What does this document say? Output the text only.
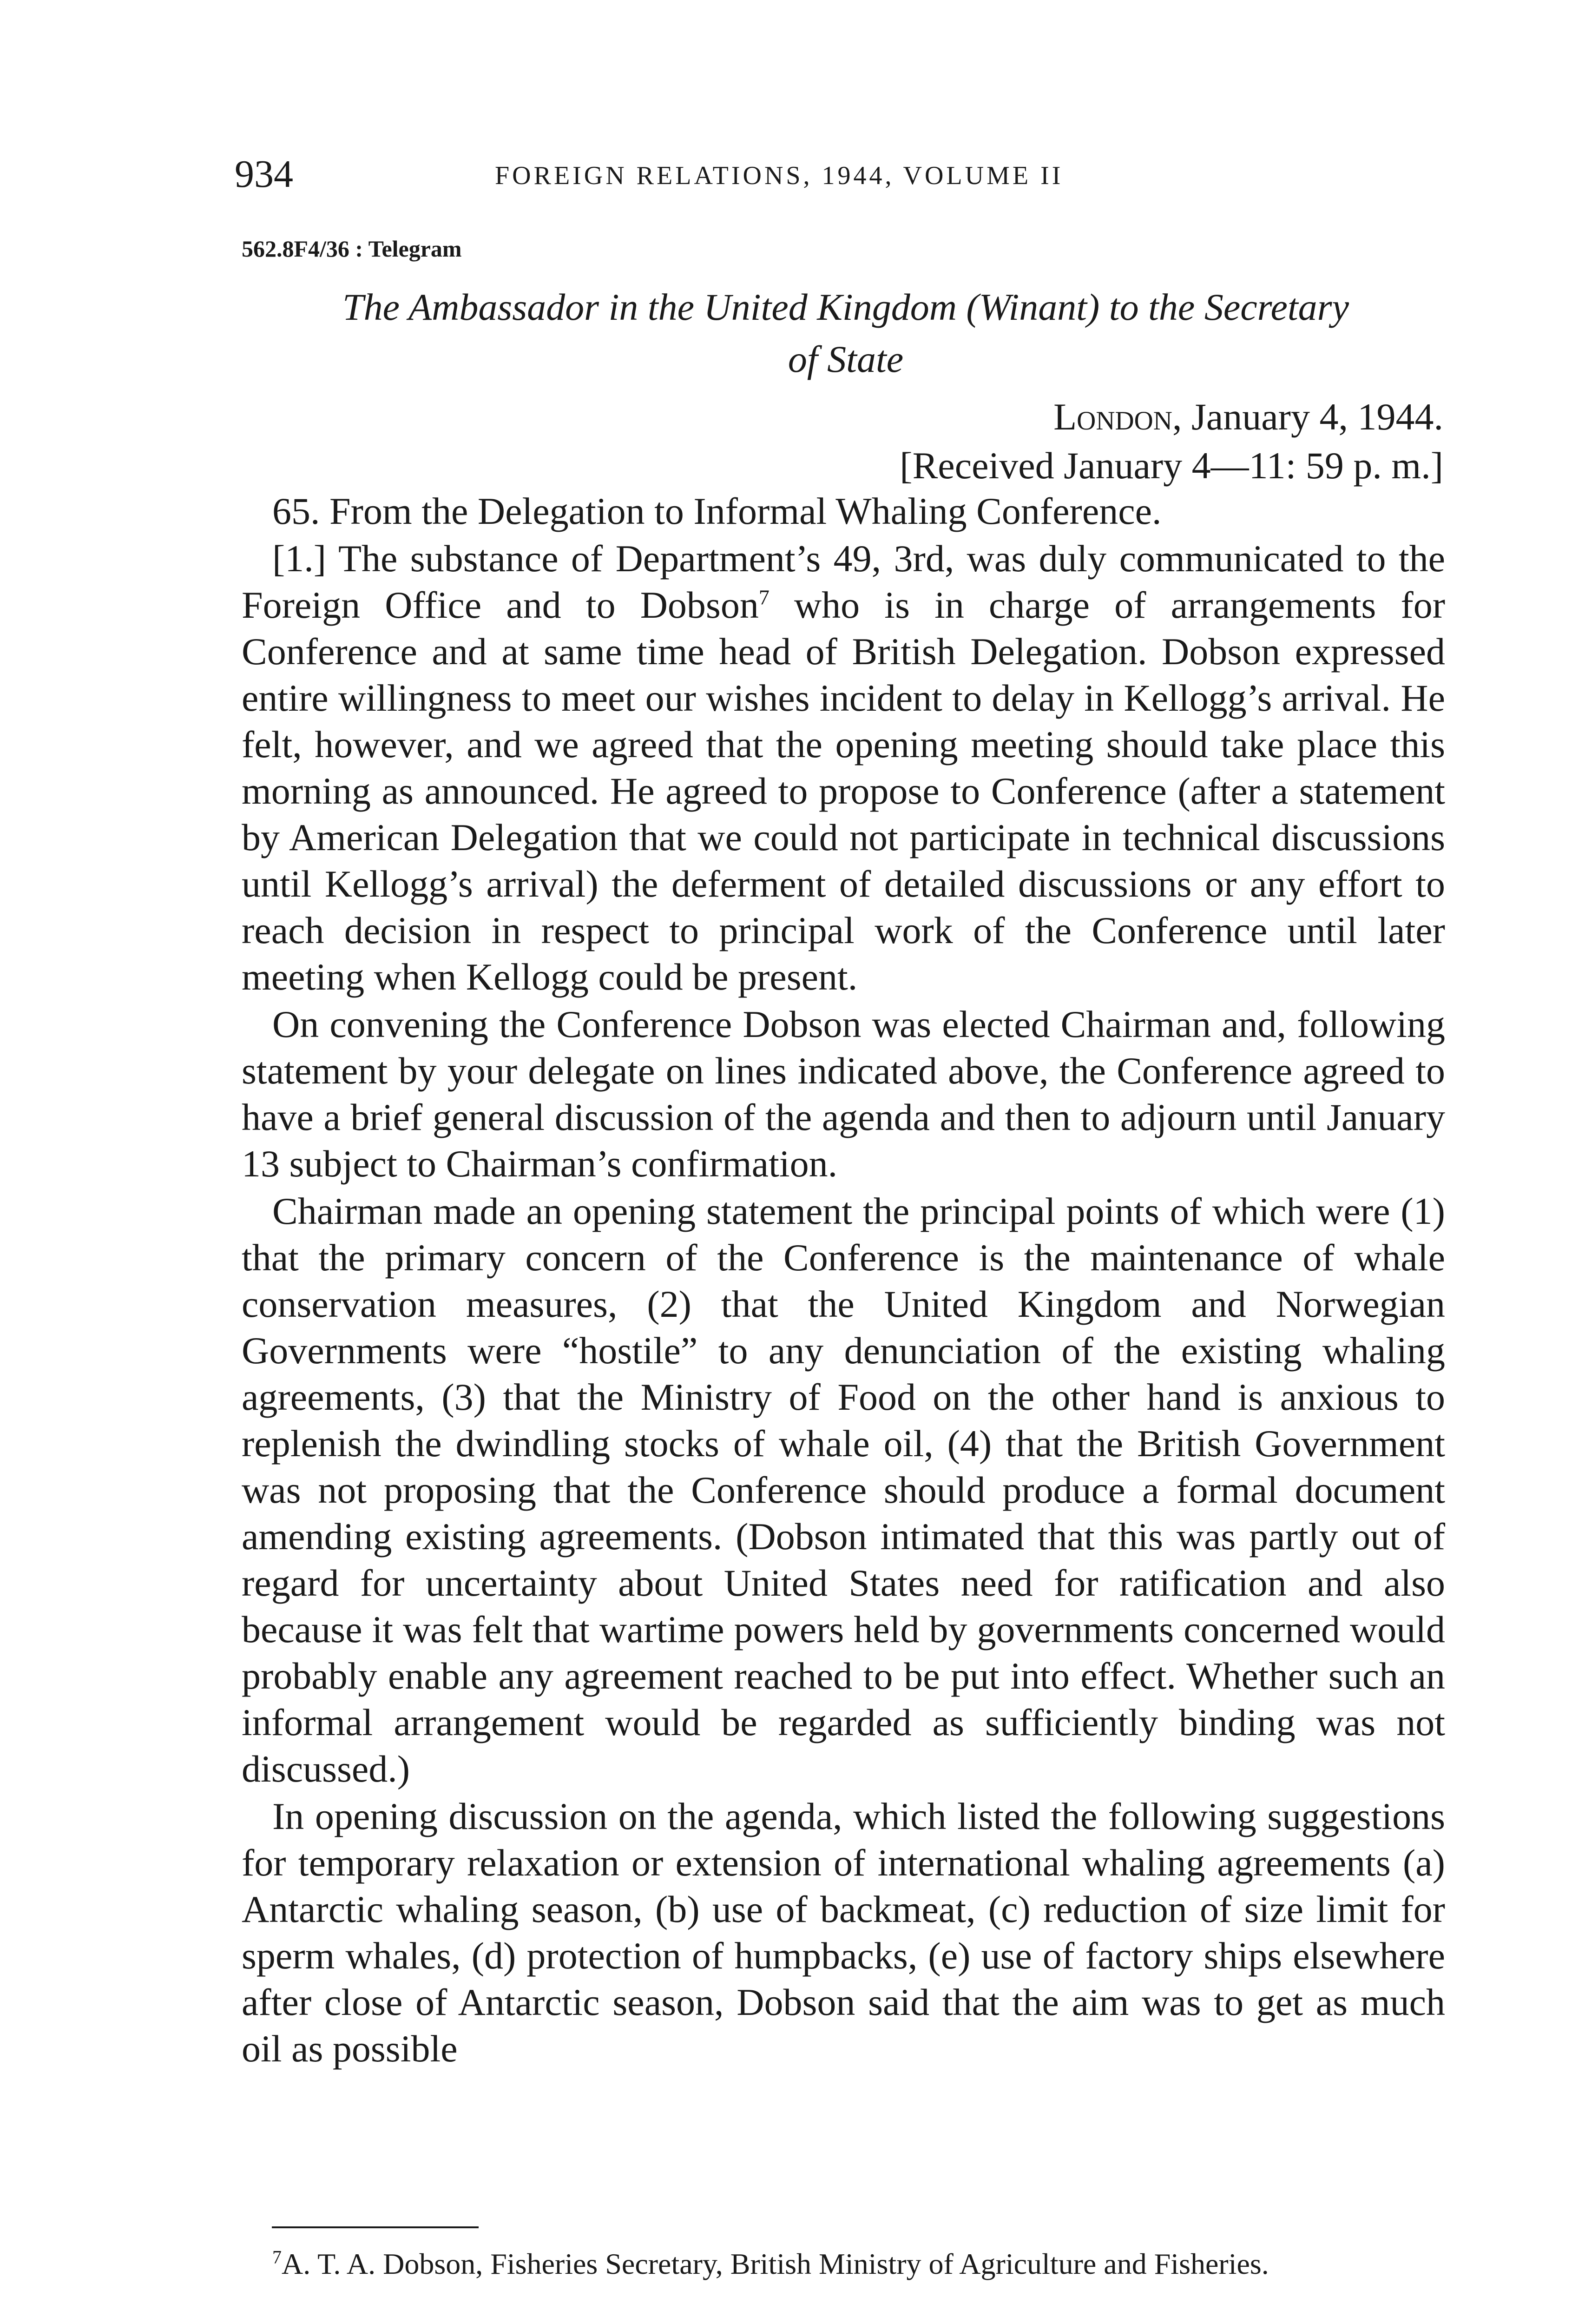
934	FOREIGN RELATIONS, 1944, VOLUME II
562.8F4/36 : Telegram
The Ambassador in the United Kingdom (Winant) to the Secretary
of State
London, January 4, 1944.
[Received January 4—11: 59 p. m.]

65. From the Delegation to Informal Whaling Conference.

[1.] The substance of Department’s 49, 3rd, was duly communicated to the Foreign Office and to Dobson$^7$ who is in charge of arrangements for Conference and at same time head of British Delegation. Dobson expressed entire willingness to meet our wishes incident to delay in Kellogg’s arrival. He felt, however, and we agreed that the opening meeting should take place this morning as announced. He agreed to propose to Conference (after a statement by American Delegation that we could not participate in technical discussions until Kellogg’s arrival) the deferment of detailed discussions or any effort to reach decision in respect to principal work of the Conference until later meeting when Kellogg could be present.

On convening the Conference Dobson was elected Chairman and, following statement by your delegate on lines indicated above, the Conference agreed to have a brief general discussion of the agenda and then to adjourn until January 13 subject to Chairman’s confirmation.

Chairman made an opening statement the principal points of which were (1) that the primary concern of the Conference is the maintenance of whale conservation measures, (2) that the United Kingdom and Norwegian Governments were “hostile” to any denunciation of the existing whaling agreements, (3) that the Ministry of Food on the other hand is anxious to replenish the dwindling stocks of whale oil, (4) that the British Government was not proposing that the Conference should produce a formal document amending existing agreements. (Dobson intimated that this was partly out of regard for uncertainty about United States need for ratification and also because it was felt that wartime powers held by governments concerned would probably enable any agreement reached to be put into effect. Whether such an informal arrangement would be regarded as sufficiently binding was not discussed.)

In opening discussion on the agenda, which listed the following suggestions for temporary relaxation or extension of international whaling agreements (a) Antarctic whaling season, (b) use of backmeat, (c) reduction of size limit for sperm whales, (d) protection of humpbacks, (e) use of factory ships elsewhere after close of Antarctic season, Dobson said that the aim was to get as much oil as possible

$^7$A. T. A. Dobson, Fisheries Secretary, British Ministry of Agriculture and Fisheries.
